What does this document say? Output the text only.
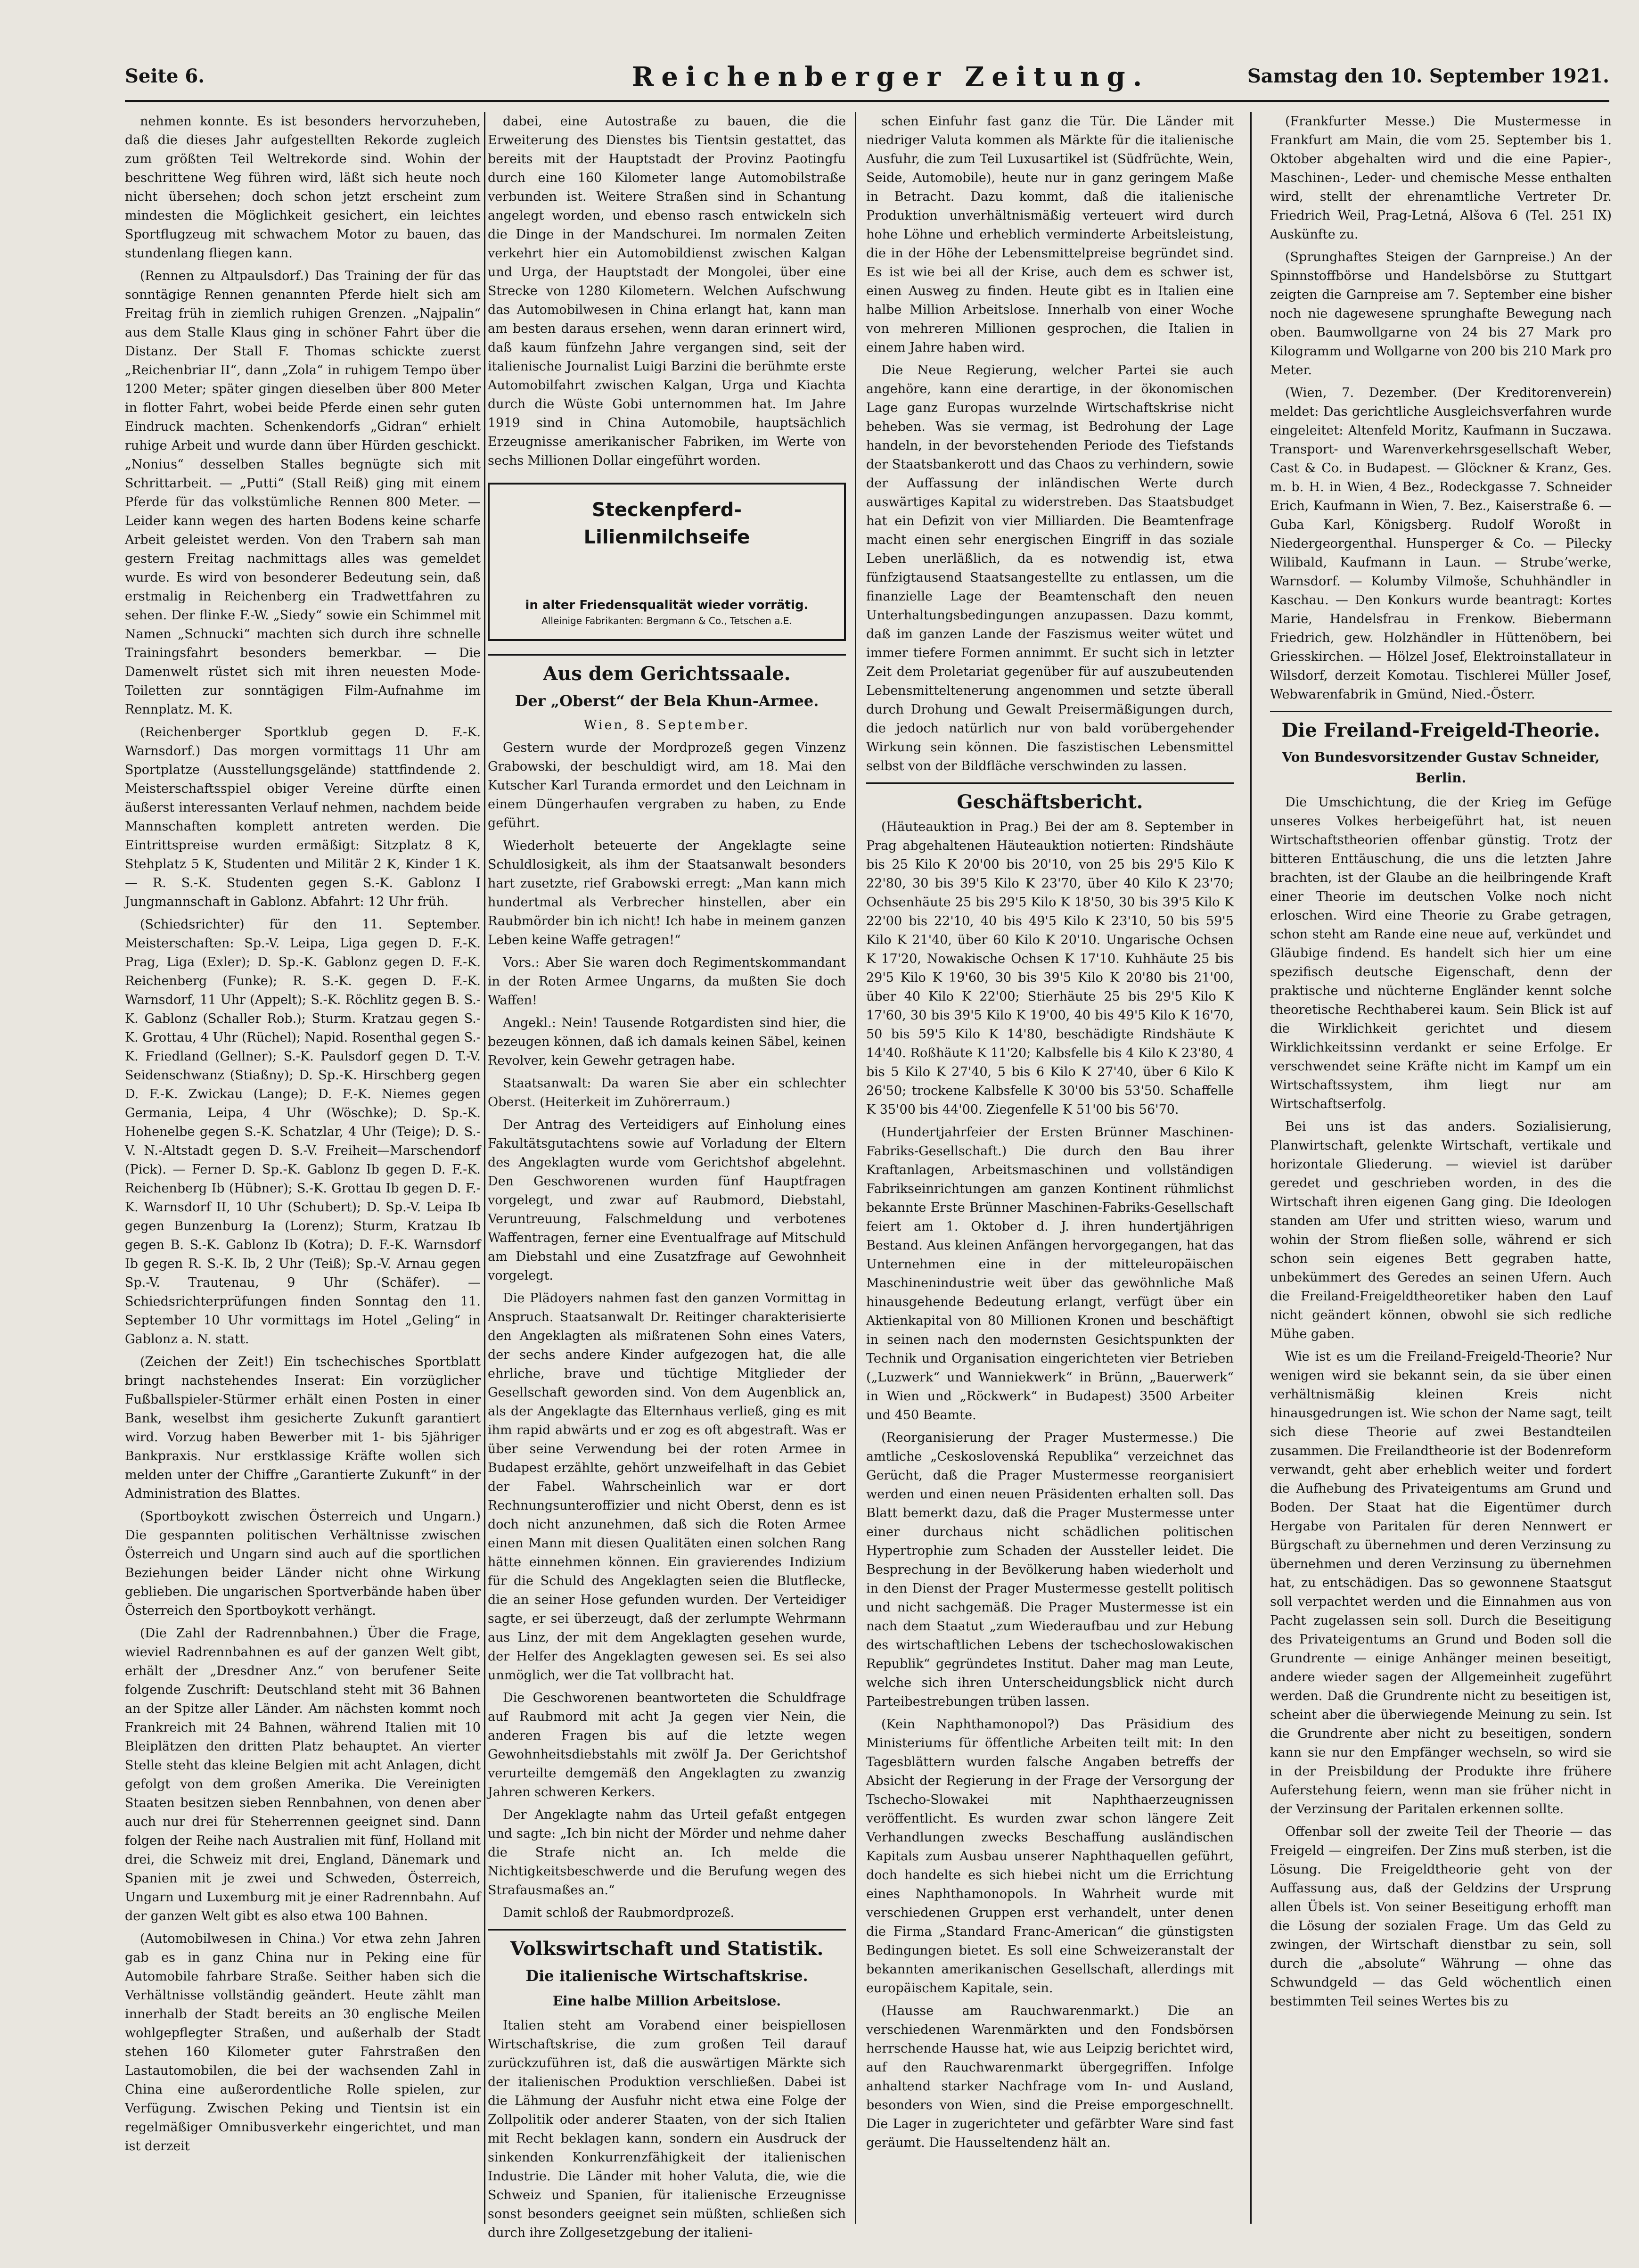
Seite 6.	Reichenberger Zeitung.	Samstag den 10. September 1921.

nehmen konnte. Es ist besonders hervorzuheben, daß die dieses Jahr aufgestellten Rekorde zugleich zum größten Teil Weltrekorde sind. Wohin der beschrittene Weg führen wird, läßt sich heute noch nicht übersehen; doch schon jetzt erscheint zum mindesten die Möglichkeit gesichert, ein leichtes Sportflugzeug mit schwachem Motor zu bauen, das stundenlang fliegen kann.

(Rennen zu Altpaulsdorf.) Das Training der für das sonntägige Rennen genannten Pferde hielt sich am Freitag früh in ziemlich ruhigen Grenzen. „Najpalin“ aus dem Stalle Klaus ging in schöner Fahrt über die Distanz. Der Stall F. Thomas schickte zuerst „Reichenbriar II“, dann „Zola“ in ruhigem Tempo über 1200 Meter; später gingen dieselben über 800 Meter in flotter Fahrt, wobei beide Pferde einen sehr guten Eindruck machten. Schenkendorfs „Gidran“ erhielt ruhige Arbeit und wurde dann über Hürden geschickt. „Nonius“ desselben Stalles begnügte sich mit Schrittarbeit. — „Putti“ (Stall Reiß) ging mit einem Pferde für das volkstümliche Rennen 800 Meter. — Leider kann wegen des harten Bodens keine scharfe Arbeit geleistet werden. Von den Trabern sah man gestern Freitag nachmittags alles was gemeldet wurde. Es wird von besonderer Bedeutung sein, daß erstmalig in Reichenberg ein Tradwettfahren zu sehen. Der flinke F.-W. „Siedy“ sowie ein Schimmel mit Namen „Schnucki“ machten sich durch ihre schnelle Trainingsfahrt besonders bemerkbar. — Die Damenwelt rüstet sich mit ihren neuesten Mode-Toiletten zur sonntägigen Film-Aufnahme im Rennplatz. M. K.

(Reichenberger Sportklub gegen D. F.-K. Warnsdorf.) Das morgen vormittags 11 Uhr am Sportplatze (Ausstellungsgelände) stattfindende 2. Meisterschaftsspiel obiger Vereine dürfte einen äußerst interessanten Verlauf nehmen, nachdem beide Mannschaften komplett antreten werden. Die Eintrittspreise wurden ermäßigt: Sitzplatz 8 K, Stehplatz 5 K, Studenten und Militär 2 K, Kinder 1 K. — R. S.-K. Studenten gegen S.-K. Gablonz I Jungmannschaft in Gablonz. Abfahrt: 12 Uhr früh.

(Schiedsrichter) für den 11. September. Meisterschaften: Sp.-V. Leipa, Liga gegen D. F.-K. Prag, Liga (Exler); D. Sp.-K. Gablonz gegen D. F.-K. Reichenberg (Funke); R. S.-K. gegen D. F.-K. Warnsdorf, 11 Uhr (Appelt); S.-K. Röchlitz gegen B. S.-K. Gablonz (Schaller Rob.); Sturm. Kratzau gegen S.-K. Grottau, 4 Uhr (Rüchel); Napid. Rosenthal gegen S.-K. Friedland (Gellner); S.-K. Paulsdorf gegen D. T.-V. Seidenschwanz (Stiaßny); D. Sp.-K. Hirschberg gegen D. F.-K. Zwickau (Lange); D. F.-K. Niemes gegen Germania, Leipa, 4 Uhr (Wöschke); D. Sp.-K. Hohenelbe gegen S.-K. Schatzlar, 4 Uhr (Teige); D. S.-V. N.-Altstadt gegen D. S.-V. Freiheit—Marschendorf (Pick). — Ferner D. Sp.-K. Gablonz Ib gegen D. F.-K. Reichenberg Ib (Hübner); S.-K. Grottau Ib gegen D. F.-K. Warnsdorf II, 10 Uhr (Schubert); D. Sp.-V. Leipa Ib gegen Bunzenburg Ia (Lorenz); Sturm, Kratzau Ib gegen B. S.-K. Gablonz Ib (Kotra); D. F.-K. Warnsdorf Ib gegen R. S.-K. Ib, 2 Uhr (Teiß); Sp.-V. Arnau gegen Sp.-V. Trautenau, 9 Uhr (Schäfer). — Schiedsrichterprüfungen finden Sonntag den 11. September 10 Uhr vormittags im Hotel „Geling“ in Gablonz a. N. statt.

(Zeichen der Zeit!) Ein tschechisches Sportblatt bringt nachstehendes Inserat: Ein vorzüglicher Fußballspieler-Stürmer erhält einen Posten in einer Bank, weselbst ihm gesicherte Zukunft garantiert wird. Vorzug haben Bewerber mit 1- bis 5jähriger Bankpraxis. Nur erstklassige Kräfte wollen sich melden unter der Chiffre „Garantierte Zukunft“ in der Administration des Blattes.

(Sportboykott zwischen Österreich und Ungarn.) Die gespannten politischen Verhältnisse zwischen Österreich und Ungarn sind auch auf die sportlichen Beziehungen beider Länder nicht ohne Wirkung geblieben. Die ungarischen Sportverbände haben über Österreich den Sportboykott verhängt.

(Die Zahl der Radrennbahnen.) Über die Frage, wieviel Radrennbahnen es auf der ganzen Welt gibt, erhält der „Dresdner Anz.“ von berufener Seite folgende Zuschrift: Deutschland steht mit 36 Bahnen an der Spitze aller Länder. Am nächsten kommt noch Frankreich mit 24 Bahnen, während Italien mit 10 Bleiplätzen den dritten Platz behauptet. An vierter Stelle steht das kleine Belgien mit acht Anlagen, dicht gefolgt von dem großen Amerika. Die Vereinigten Staaten besitzen sieben Rennbahnen, von denen aber auch nur drei für Steherrennen geeignet sind. Dann folgen der Reihe nach Australien mit fünf, Holland mit drei, die Schweiz mit drei, England, Dänemark und Spanien mit je zwei und Schweden, Österreich, Ungarn und Luxemburg mit je einer Radrennbahn. Auf der ganzen Welt gibt es also etwa 100 Bahnen.

(Automobilwesen in China.) Vor etwa zehn Jahren gab es in ganz China nur in Peking eine für Automobile fahrbare Straße. Seither haben sich die Verhältnisse vollständig geändert. Heute zählt man innerhalb der Stadt bereits an 30 englische Meilen wohlgepflegter Straßen, und außerhalb der Stadt stehen 160 Kilometer guter Fahrstraßen den Lastautomobilen, die bei der wachsenden Zahl in China eine außerordentliche Rolle spielen, zur Verfügung. Zwischen Peking und Tientsin ist ein regelmäßiger Omnibusverkehr eingerichtet, und man ist derzeit

dabei, eine Autostraße zu bauen, die die Erweiterung des Dienstes bis Tientsin gestattet, das bereits mit der Hauptstadt der Provinz Paotingfu durch eine 160 Kilometer lange Automobilstraße verbunden ist. Weitere Straßen sind in Schantung angelegt worden, und ebenso rasch entwickeln sich die Dinge in der Mandschurei. Im normalen Zeiten verkehrt hier ein Automobildienst zwischen Kalgan und Urga, der Hauptstadt der Mongolei, über eine Strecke von 1280 Kilometern. Welchen Aufschwung das Automobilwesen in China erlangt hat, kann man am besten daraus ersehen, wenn daran erinnert wird, daß kaum fünfzehn Jahre vergangen sind, seit der italienische Journalist Luigi Barzini die berühmte erste Automobilfahrt zwischen Kalgan, Urga und Kiachta durch die Wüste Gobi unternommen hat. Im Jahre 1919 sind in China Automobile, hauptsächlich Erzeugnisse amerikanischer Fabriken, im Werte von sechs Millionen Dollar eingeführt worden.

Steckenpferd-
Lilienmilchseife
in alter Friedensqualität wieder vorrätig.
Alleinige Fabrikanten: Bergmann & Co., Tetschen a.E.
Aus dem Gerichtssaale.
Der „Oberst“ der Bela Khun-Armee.
Wien, 8. September.

Gestern wurde der Mordprozeß gegen Vinzenz Grabowski, der beschuldigt wird, am 18. Mai den Kutscher Karl Turanda ermordet und den Leichnam in einem Düngerhaufen vergraben zu haben, zu Ende geführt.

Wiederholt beteuerte der Angeklagte seine Schuldlosigkeit, als ihm der Staatsanwalt besonders hart zusetzte, rief Grabowski erregt: „Man kann mich hundertmal als Verbrecher hinstellen, aber ein Raubmörder bin ich nicht! Ich habe in meinem ganzen Leben keine Waffe getragen!“

Vors.: Aber Sie waren doch Regimentskommandant in der Roten Armee Ungarns, da mußten Sie doch Waffen!

Angekl.: Nein! Tausende Rotgardisten sind hier, die bezeugen können, daß ich damals keinen Säbel, keinen Revolver, kein Gewehr getragen habe.

Staatsanwalt: Da waren Sie aber ein schlechter Oberst. (Heiterkeit im Zuhörerraum.)

Der Antrag des Verteidigers auf Einholung eines Fakultätsgutachtens sowie auf Vorladung der Eltern des Angeklagten wurde vom Gerichtshof abgelehnt. Den Geschworenen wurden fünf Hauptfragen vorgelegt, und zwar auf Raubmord, Diebstahl, Veruntreuung, Falschmeldung und verbotenes Waffentragen, ferner eine Eventualfrage auf Mitschuld am Diebstahl und eine Zusatzfrage auf Gewohnheit vorgelegt.

Die Plädoyers nahmen fast den ganzen Vormittag in Anspruch. Staatsanwalt Dr. Reitinger charakterisierte den Angeklagten als mißratenen Sohn eines Vaters, der sechs andere Kinder aufgezogen hat, die alle ehrliche, brave und tüchtige Mitglieder der Gesellschaft geworden sind. Von dem Augenblick an, als der Angeklagte das Elternhaus verließ, ging es mit ihm rapid abwärts und er zog es oft abgestraft. Was er über seine Verwendung bei der roten Armee in Budapest erzählte, gehört unzweifelhaft in das Gebiet der Fabel. Wahrscheinlich war er dort Rechnungsunteroffizier und nicht Oberst, denn es ist doch nicht anzunehmen, daß sich die Roten Armee einen Mann mit diesen Qualitäten einen solchen Rang hätte einnehmen können. Ein gravierendes Indizium für die Schuld des Angeklagten seien die Blutflecke, die an seiner Hose gefunden wurden. Der Verteidiger sagte, er sei überzeugt, daß der zerlumpte Wehrmann aus Linz, der mit dem Angeklagten gesehen wurde, der Helfer des Angeklagten gewesen sei. Es sei also unmöglich, wer die Tat vollbracht hat.

Die Geschworenen beantworteten die Schuldfrage auf Raubmord mit acht Ja gegen vier Nein, die anderen Fragen bis auf die letzte wegen Gewohnheitsdiebstahls mit zwölf Ja. Der Gerichtshof verurteilte demgemäß den Angeklagten zu zwanzig Jahren schweren Kerkers.

Der Angeklagte nahm das Urteil gefaßt entgegen und sagte: „Ich bin nicht der Mörder und nehme daher die Strafe nicht an. Ich melde die Nichtigkeitsbeschwerde und die Berufung wegen des Strafausmaßes an.“

Damit schloß der Raubmordprozeß.

Volkswirtschaft und Statistik.
Die italienische Wirtschaftskrise.
Eine halbe Million Arbeitslose.

Italien steht am Vorabend einer beispiellosen Wirtschaftskrise, die zum großen Teil darauf zurückzuführen ist, daß die auswärtigen Märkte sich der italienischen Produktion verschließen. Dabei ist die Lähmung der Ausfuhr nicht etwa eine Folge der Zollpolitik oder anderer Staaten, von der sich Italien mit Recht beklagen kann, sondern ein Ausdruck der sinkenden Konkurrenzfähigkeit der italienischen Industrie. Die Länder mit hoher Valuta, die, wie die Schweiz und Spanien, für italienische Erzeugnisse sonst besonders geeignet sein müßten, schließen sich durch ihre Zollgesetzgebung der italieni-

schen Einfuhr fast ganz die Tür. Die Länder mit niedriger Valuta kommen als Märkte für die italienische Ausfuhr, die zum Teil Luxusartikel ist (Südfrüchte, Wein, Seide, Automobile), heute nur in ganz geringem Maße in Betracht. Dazu kommt, daß die italienische Produktion unverhältnismäßig verteuert wird durch hohe Löhne und erheblich verminderte Arbeitsleistung, die in der Höhe der Lebensmittelpreise begründet sind. Es ist wie bei all der Krise, auch dem es schwer ist, einen Ausweg zu finden. Heute gibt es in Italien eine halbe Million Arbeitslose. Innerhalb von einer Woche von mehreren Millionen gesprochen, die Italien in einem Jahre haben wird.

Die Neue Regierung, welcher Partei sie auch angehöre, kann eine derartige, in der ökonomischen Lage ganz Europas wurzelnde Wirtschaftskrise nicht beheben. Was sie vermag, ist Bedrohung der Lage handeln, in der bevorstehenden Periode des Tiefstands der Staatsbankerott und das Chaos zu verhindern, sowie der Auffassung der inländischen Werte durch auswärtiges Kapital zu widerstreben. Das Staatsbudget hat ein Defizit von vier Milliarden. Die Beamtenfrage macht einen sehr energischen Eingriff in das soziale Leben unerläßlich, da es notwendig ist, etwa fünfzigtausend Staatsangestellte zu entlassen, um die finanzielle Lage der Beamtenschaft den neuen Unterhaltungsbedingungen anzupassen. Dazu kommt, daß im ganzen Lande der Faszismus weiter wütet und immer tiefere Formen annimmt. Er sucht sich in letzter Zeit dem Proletariat gegenüber für auf auszubeutenden Lebensmitteltenerung angenommen und setzte überall durch Drohung und Gewalt Preisermäßigungen durch, die jedoch natürlich nur von bald vorübergehender Wirkung sein können. Die faszistischen Lebensmittel selbst von der Bildfläche verschwinden zu lassen.

Geschäftsbericht.

(Häuteauktion in Prag.) Bei der am 8. September in Prag abgehaltenen Häuteauktion notierten: Rindshäute bis 25 Kilo K 20'00 bis 20'10, von 25 bis 29'5 Kilo K 22'80, 30 bis 39'5 Kilo K 23'70, über 40 Kilo K 23'70; Ochsenhäute 25 bis 29'5 Kilo K 18'50, 30 bis 39'5 Kilo K 22'00 bis 22'10, 40 bis 49'5 Kilo K 23'10, 50 bis 59'5 Kilo K 21'40, über 60 Kilo K 20'10. Ungarische Ochsen K 17'20, Nowakische Ochsen K 17'10. Kuhhäute 25 bis 29'5 Kilo K 19'60, 30 bis 39'5 Kilo K 20'80 bis 21'00, über 40 Kilo K 22'00; Stierhäute 25 bis 29'5 Kilo K 17'60, 30 bis 39'5 Kilo K 19'00, 40 bis 49'5 Kilo K 16'70, 50 bis 59'5 Kilo K 14'80, beschädigte Rindshäute K 14'40. Roßhäute K 11'20; Kalbsfelle bis 4 Kilo K 23'80, 4 bis 5 Kilo K 27'40, 5 bis 6 Kilo K 27'40, über 6 Kilo K 26'50; trockene Kalbsfelle K 30'00 bis 53'50. Schaffelle K 35'00 bis 44'00. Ziegenfelle K 51'00 bis 56'70.

(Hundertjahrfeier der Ersten Brünner Maschinen-Fabriks-Gesellschaft.) Die durch den Bau ihrer Kraftanlagen, Arbeitsmaschinen und vollständigen Fabrikseinrichtungen am ganzen Kontinent rühmlichst bekannte Erste Brünner Maschinen-Fabriks-Gesellschaft feiert am 1. Oktober d. J. ihren hundertjährigen Bestand. Aus kleinen Anfängen hervorgegangen, hat das Unternehmen eine in der mitteleuropäischen Maschinenindustrie weit über das gewöhnliche Maß hinausgehende Bedeutung erlangt, verfügt über ein Aktienkapital von 80 Millionen Kronen und beschäftigt in seinen nach den modernsten Gesichtspunkten der Technik und Organisation eingerichteten vier Betrieben („Luzwerk“ und Wanniekwerk“ in Brünn, „Bauerwerk“ in Wien und „Röckwerk“ in Budapest) 3500 Arbeiter und 450 Beamte.

(Reorganisierung der Prager Mustermesse.) Die amtliche „Ceskoslovenská Republika“ verzeichnet das Gerücht, daß die Prager Mustermesse reorganisiert werden und einen neuen Präsidenten erhalten soll. Das Blatt bemerkt dazu, daß die Prager Mustermesse unter einer durchaus nicht schädlichen politischen Hypertrophie zum Schaden der Aussteller leidet. Die Besprechung in der Bevölkerung haben wiederholt und in den Dienst der Prager Mustermesse gestellt politisch und nicht sachgemäß. Die Prager Mustermesse ist ein nach dem Staatut „zum Wiederaufbau und zur Hebung des wirtschaftlichen Lebens der tschechoslowakischen Republik“ gegründetes Institut. Daher mag man Leute, welche sich ihren Unterscheidungsblick nicht durch Parteibestrebungen trüben lassen.

(Kein Naphthamonopol?) Das Präsidium des Ministeriums für öffentliche Arbeiten teilt mit: In den Tagesblättern wurden falsche Angaben betreffs der Absicht der Regierung in der Frage der Versorgung der Tschecho-Slowakei mit Naphthaerzeugnissen veröffentlicht. Es wurden zwar schon längere Zeit Verhandlungen zwecks Beschaffung ausländischen Kapitals zum Ausbau unserer Naphthaquellen geführt, doch handelte es sich hiebei nicht um die Errichtung eines Naphthamonopols. In Wahrheit wurde mit verschiedenen Gruppen erst verhandelt, unter denen die Firma „Standard Franc-American“ die günstigsten Bedingungen bietet. Es soll eine Schweizeranstalt der bekannten amerikanischen Gesellschaft, allerdings mit europäischem Kapitale, sein.

(Hausse am Rauchwarenmarkt.) Die an verschiedenen Warenmärkten und den Fondsbörsen herrschende Hausse hat, wie aus Leipzig berichtet wird, auf den Rauchwarenmarkt übergegriffen. Infolge anhaltend starker Nachfrage vom In- und Ausland, besonders von Wien, sind die Preise emporgeschnellt. Die Lager in zugerichteter und gefärbter Ware sind fast geräumt. Die Hausseltendenz hält an.

(Frankfurter Messe.) Die Mustermesse in Frankfurt am Main, die vom 25. September bis 1. Oktober abgehalten wird und die eine Papier-, Maschinen-, Leder- und chemische Messe enthalten wird, stellt der ehrenamtliche Vertreter Dr. Friedrich Weil, Prag-Letná, Alšova 6 (Tel. 251 IX) Auskünfte zu.

(Sprunghaftes Steigen der Garnpreise.) An der Spinnstoffbörse und Handelsbörse zu Stuttgart zeigten die Garnpreise am 7. September eine bisher noch nie dagewesene sprunghafte Bewegung nach oben. Baumwollgarne von 24 bis 27 Mark pro Kilogramm und Wollgarne von 200 bis 210 Mark pro Meter.

(Wien, 7. Dezember. (Der Kreditorenverein) meldet: Das gerichtliche Ausgleichsverfahren wurde eingeleitet: Altenfeld Moritz, Kaufmann in Suczawa. Transport- und Warenverkehrsgesellschaft Weber, Cast & Co. in Budapest. — Glöckner & Kranz, Ges. m. b. H. in Wien, 4 Bez., Rodeckgasse 7. Schneider Erich, Kaufmann in Wien, 7. Bez., Kaiserstraße 6. — Guba Karl, Königsberg. Rudolf Woroßt in Niedergeorgenthal. Hunsperger & Co. — Pilecky Wilibald, Kaufmann in Laun. — Strubeʼwerke, Warnsdorf. — Kolumby Vilmoše, Schuhhändler in Kaschau. — Den Konkurs wurde beantragt: Kortes Marie, Handelsfrau in Frenkow. Biebermann Friedrich, gew. Holzhändler in Hüttenöbern, bei Griesskirchen. — Hölzel Josef, Elektroinstallateur in Wilsdorf, derzeit Komotau. Tischlerei Müller Josef, Webwarenfabrik in Gmünd, Nied.-Österr.

Die Freiland-Freigeld-Theorie.
Von Bundesvorsitzender Gustav Schneider, Berlin.

Die Umschichtung, die der Krieg im Gefüge unseres Volkes herbeigeführt hat, ist neuen Wirtschaftstheorien offenbar günstig. Trotz der bitteren Enttäuschung, die uns die letzten Jahre brachten, ist der Glaube an die heilbringende Kraft einer Theorie im deutschen Volke noch nicht erloschen. Wird eine Theorie zu Grabe getragen, schon steht am Rande eine neue auf, verkündet und Gläubige findend. Es handelt sich hier um eine spezifisch deutsche Eigenschaft, denn der praktische und nüchterne Engländer kennt solche theoretische Rechthaberei kaum. Sein Blick ist auf die Wirklichkeit gerichtet und diesem Wirklichkeitssinn verdankt er seine Erfolge. Er verschwendet seine Kräfte nicht im Kampf um ein Wirtschaftssystem, ihm liegt nur am Wirtschaftserfolg.

Bei uns ist das anders. Sozialisierung, Planwirtschaft, gelenkte Wirtschaft, vertikale und horizontale Gliederung. — wieviel ist darüber geredet und geschrieben worden, in des die Wirtschaft ihren eigenen Gang ging. Die Ideologen standen am Ufer und stritten wieso, warum und wohin der Strom fließen solle, während er sich schon sein eigenes Bett gegraben hatte, unbekümmert des Geredes an seinen Ufern. Auch die Freiland-Freigeldtheoretiker haben den Lauf nicht geändert können, obwohl sie sich redliche Mühe gaben.

Wie ist es um die Freiland-Freigeld-Theorie? Nur wenigen wird sie bekannt sein, da sie über einen verhältnismäßig kleinen Kreis nicht hinausgedrungen ist. Wie schon der Name sagt, teilt sich diese Theorie auf zwei Bestandteilen zusammen. Die Freilandtheorie ist der Bodenreform verwandt, geht aber erheblich weiter und fordert die Aufhebung des Privateigentums am Grund und Boden. Der Staat hat die Eigentümer durch Hergabe von Paritalen für deren Nennwert er Bürgschaft zu übernehmen und deren Verzinsung zu übernehmen und deren Verzinsung zu übernehmen hat, zu entschädigen. Das so gewonnene Staatsgut soll verpachtet werden und die Einnahmen aus von Pacht zugelassen sein soll. Durch die Beseitigung des Privateigentums an Grund und Boden soll die Grundrente — einige Anhänger meinen beseitigt, andere wieder sagen der Allgemeinheit zugeführt werden. Daß die Grundrente nicht zu beseitigen ist, scheint aber die überwiegende Meinung zu sein. Ist die Grundrente aber nicht zu beseitigen, sondern kann sie nur den Empfänger wechseln, so wird sie in der Preisbildung der Produkte ihre frühere Auferstehung feiern, wenn man sie früher nicht in der Verzinsung der Paritalen erkennen sollte.

Offenbar soll der zweite Teil der Theorie — das Freigeld — eingreifen. Der Zins muß sterben, ist die Lösung. Die Freigeldtheorie geht von der Auffassung aus, daß der Geldzins der Ursprung allen Übels ist. Von seiner Beseitigung erhofft man die Lösung der sozialen Frage. Um das Geld zu zwingen, der Wirtschaft dienstbar zu sein, soll durch die „absolute“ Währung — ohne das Schwundgeld — das Geld wöchentlich einen bestimmten Teil seines Wertes bis zu
